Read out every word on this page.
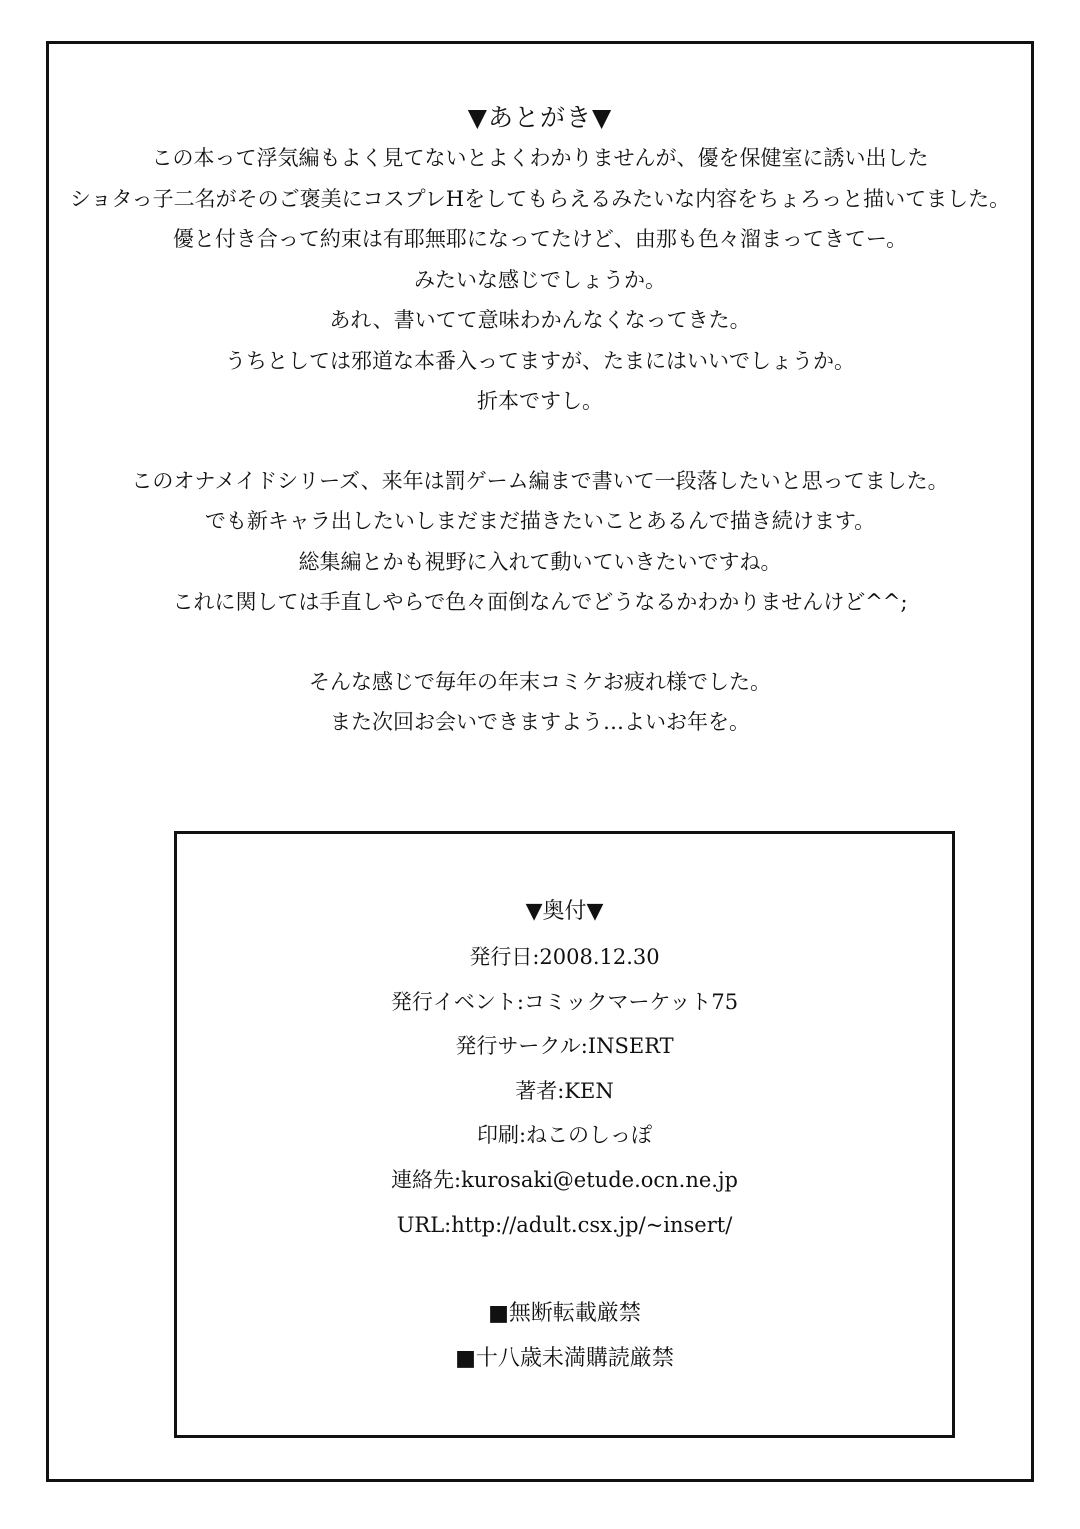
▼あとがき▼
この本って浮気編もよく見てないとよくわかりませんが、優を保健室に誘い出した
ショタっ子二名がそのご褒美にコスプレHをしてもらえるみたいな内容をちょろっと描いてました。
優と付き合って約束は有耶無耶になってたけど、由那も色々溜まってきてー。
みたいな感じでしょうか。
あれ、書いてて意味わかんなくなってきた。
うちとしては邪道な本番入ってますが、たまにはいいでしょうか。
折本ですし。
このオナメイドシリーズ、来年は罰ゲーム編まで書いて一段落したいと思ってました。
でも新キャラ出したいしまだまだ描きたいことあるんで描き続けます。
総集編とかも視野に入れて動いていきたいですね。
これに関しては手直しやらで色々面倒なんでどうなるかわかりませんけど^^;
そんな感じで毎年の年末コミケお疲れ様でした。
また次回お会いできますよう…よいお年を。
▼奥付▼
発行日:2008.12.30
発行イベント:コミックマーケット75
発行サークル:INSERT
著者:KEN
印刷:ねこのしっぽ
連絡先:kurosaki@etude.ocn.ne.jp
URL:http://adult.csx.jp/~insert/
■無断転載厳禁
■十八歳未満購読厳禁
